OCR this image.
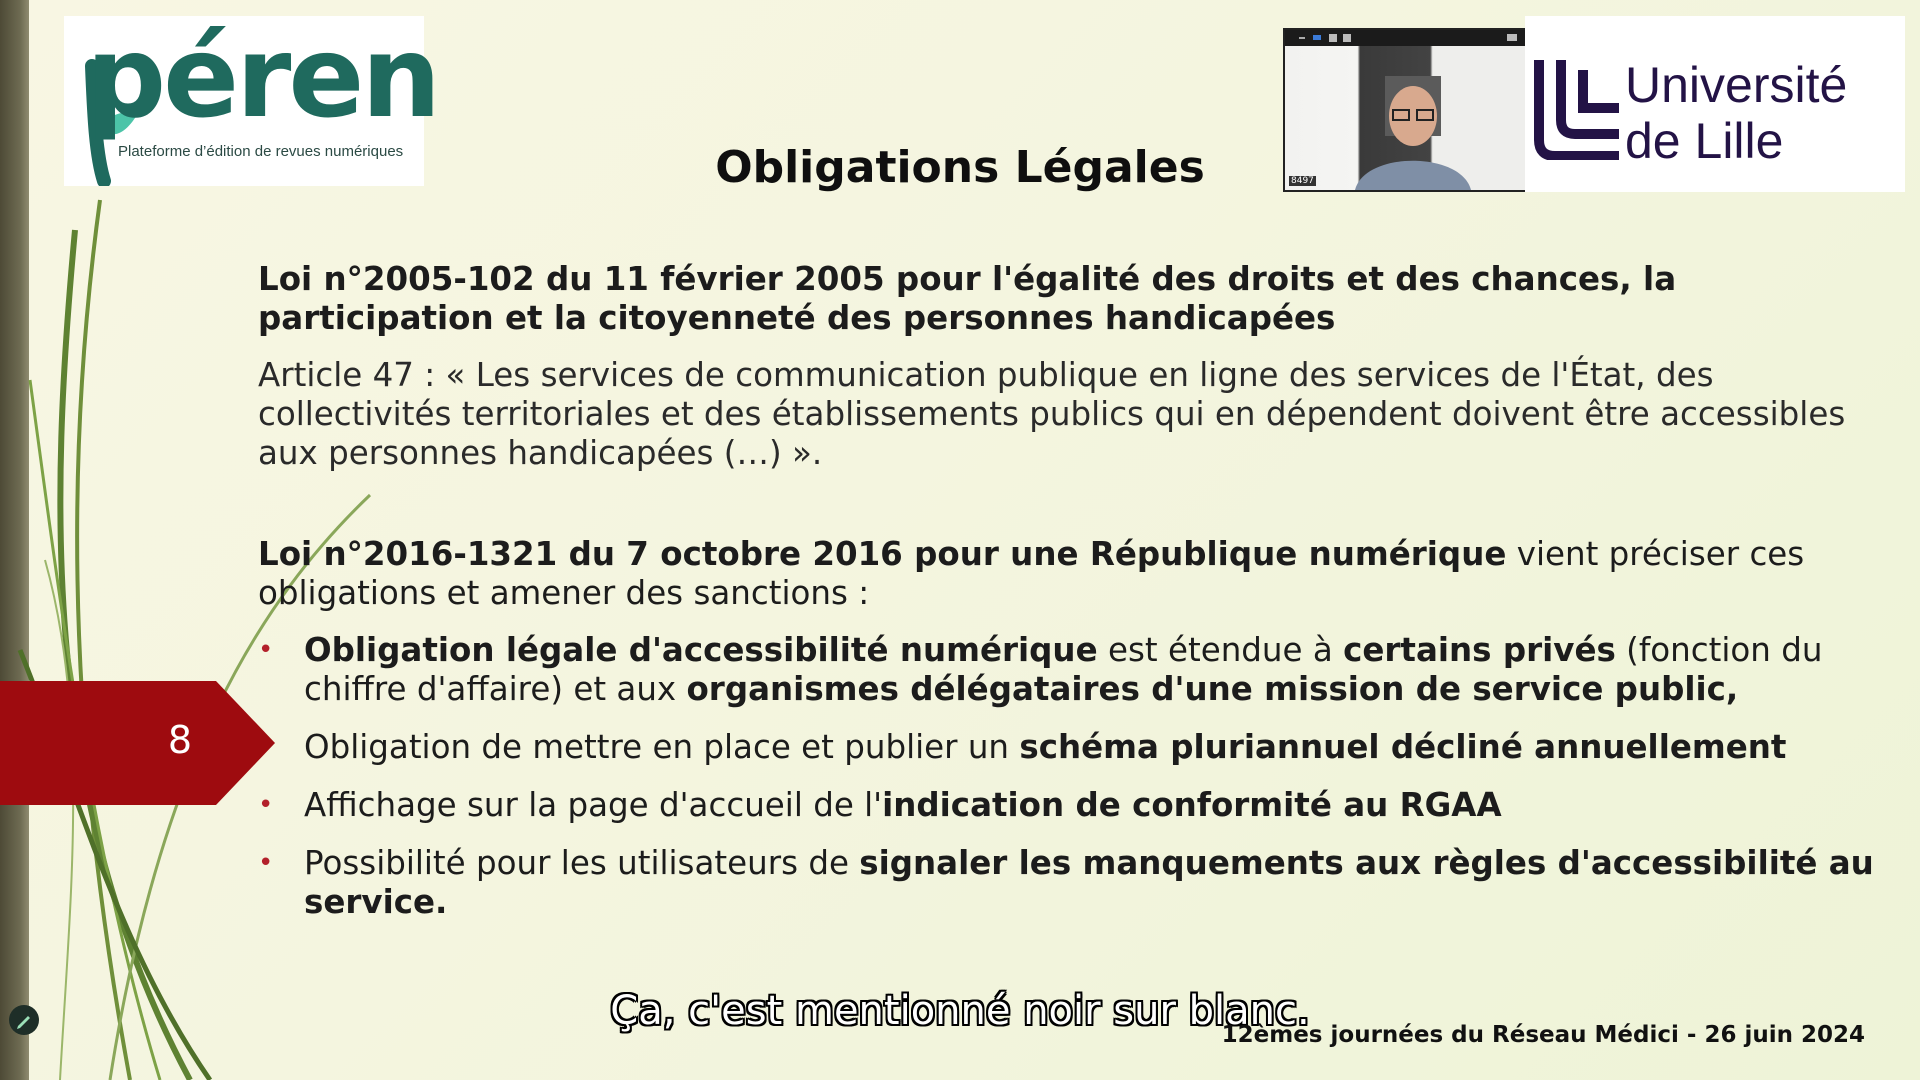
péren
Plateforme d’édition de revues numériques
8497
Université
de Lille
Obligations Légales

Loi n°2005-102 du 11 février 2005 pour l'égalité des droits et des chances, la participation et la citoyenneté des personnes handicapées

Article 47 : « Les services de communication publique en ligne des services de l'État, des collectivités territoriales et des établissements publics qui en dépendent doivent être accessibles aux personnes handicapées (…) ».

Loi n°2016-1321 du 7 octobre 2016 pour une République numérique vient préciser ces obligations et amener des sanctions :

• Obligation légale d'accessibilité numérique est étendue à certains privés (fonction du chiffre d'affaire) et aux organismes délégataires d'une mission de service public,
• Obligation de mettre en place et publier un schéma pluriannuel décliné annuellement
• Affichage sur la page d'accueil de l'indication de conformité au RGAA
• Possibilité pour les utilisateurs de signaler les manquements aux règles d'accessibilité au service.
8
Ça, c'est mentionné noir sur blanc.
12èmes journées du Réseau Médici - 26 juin 2024
